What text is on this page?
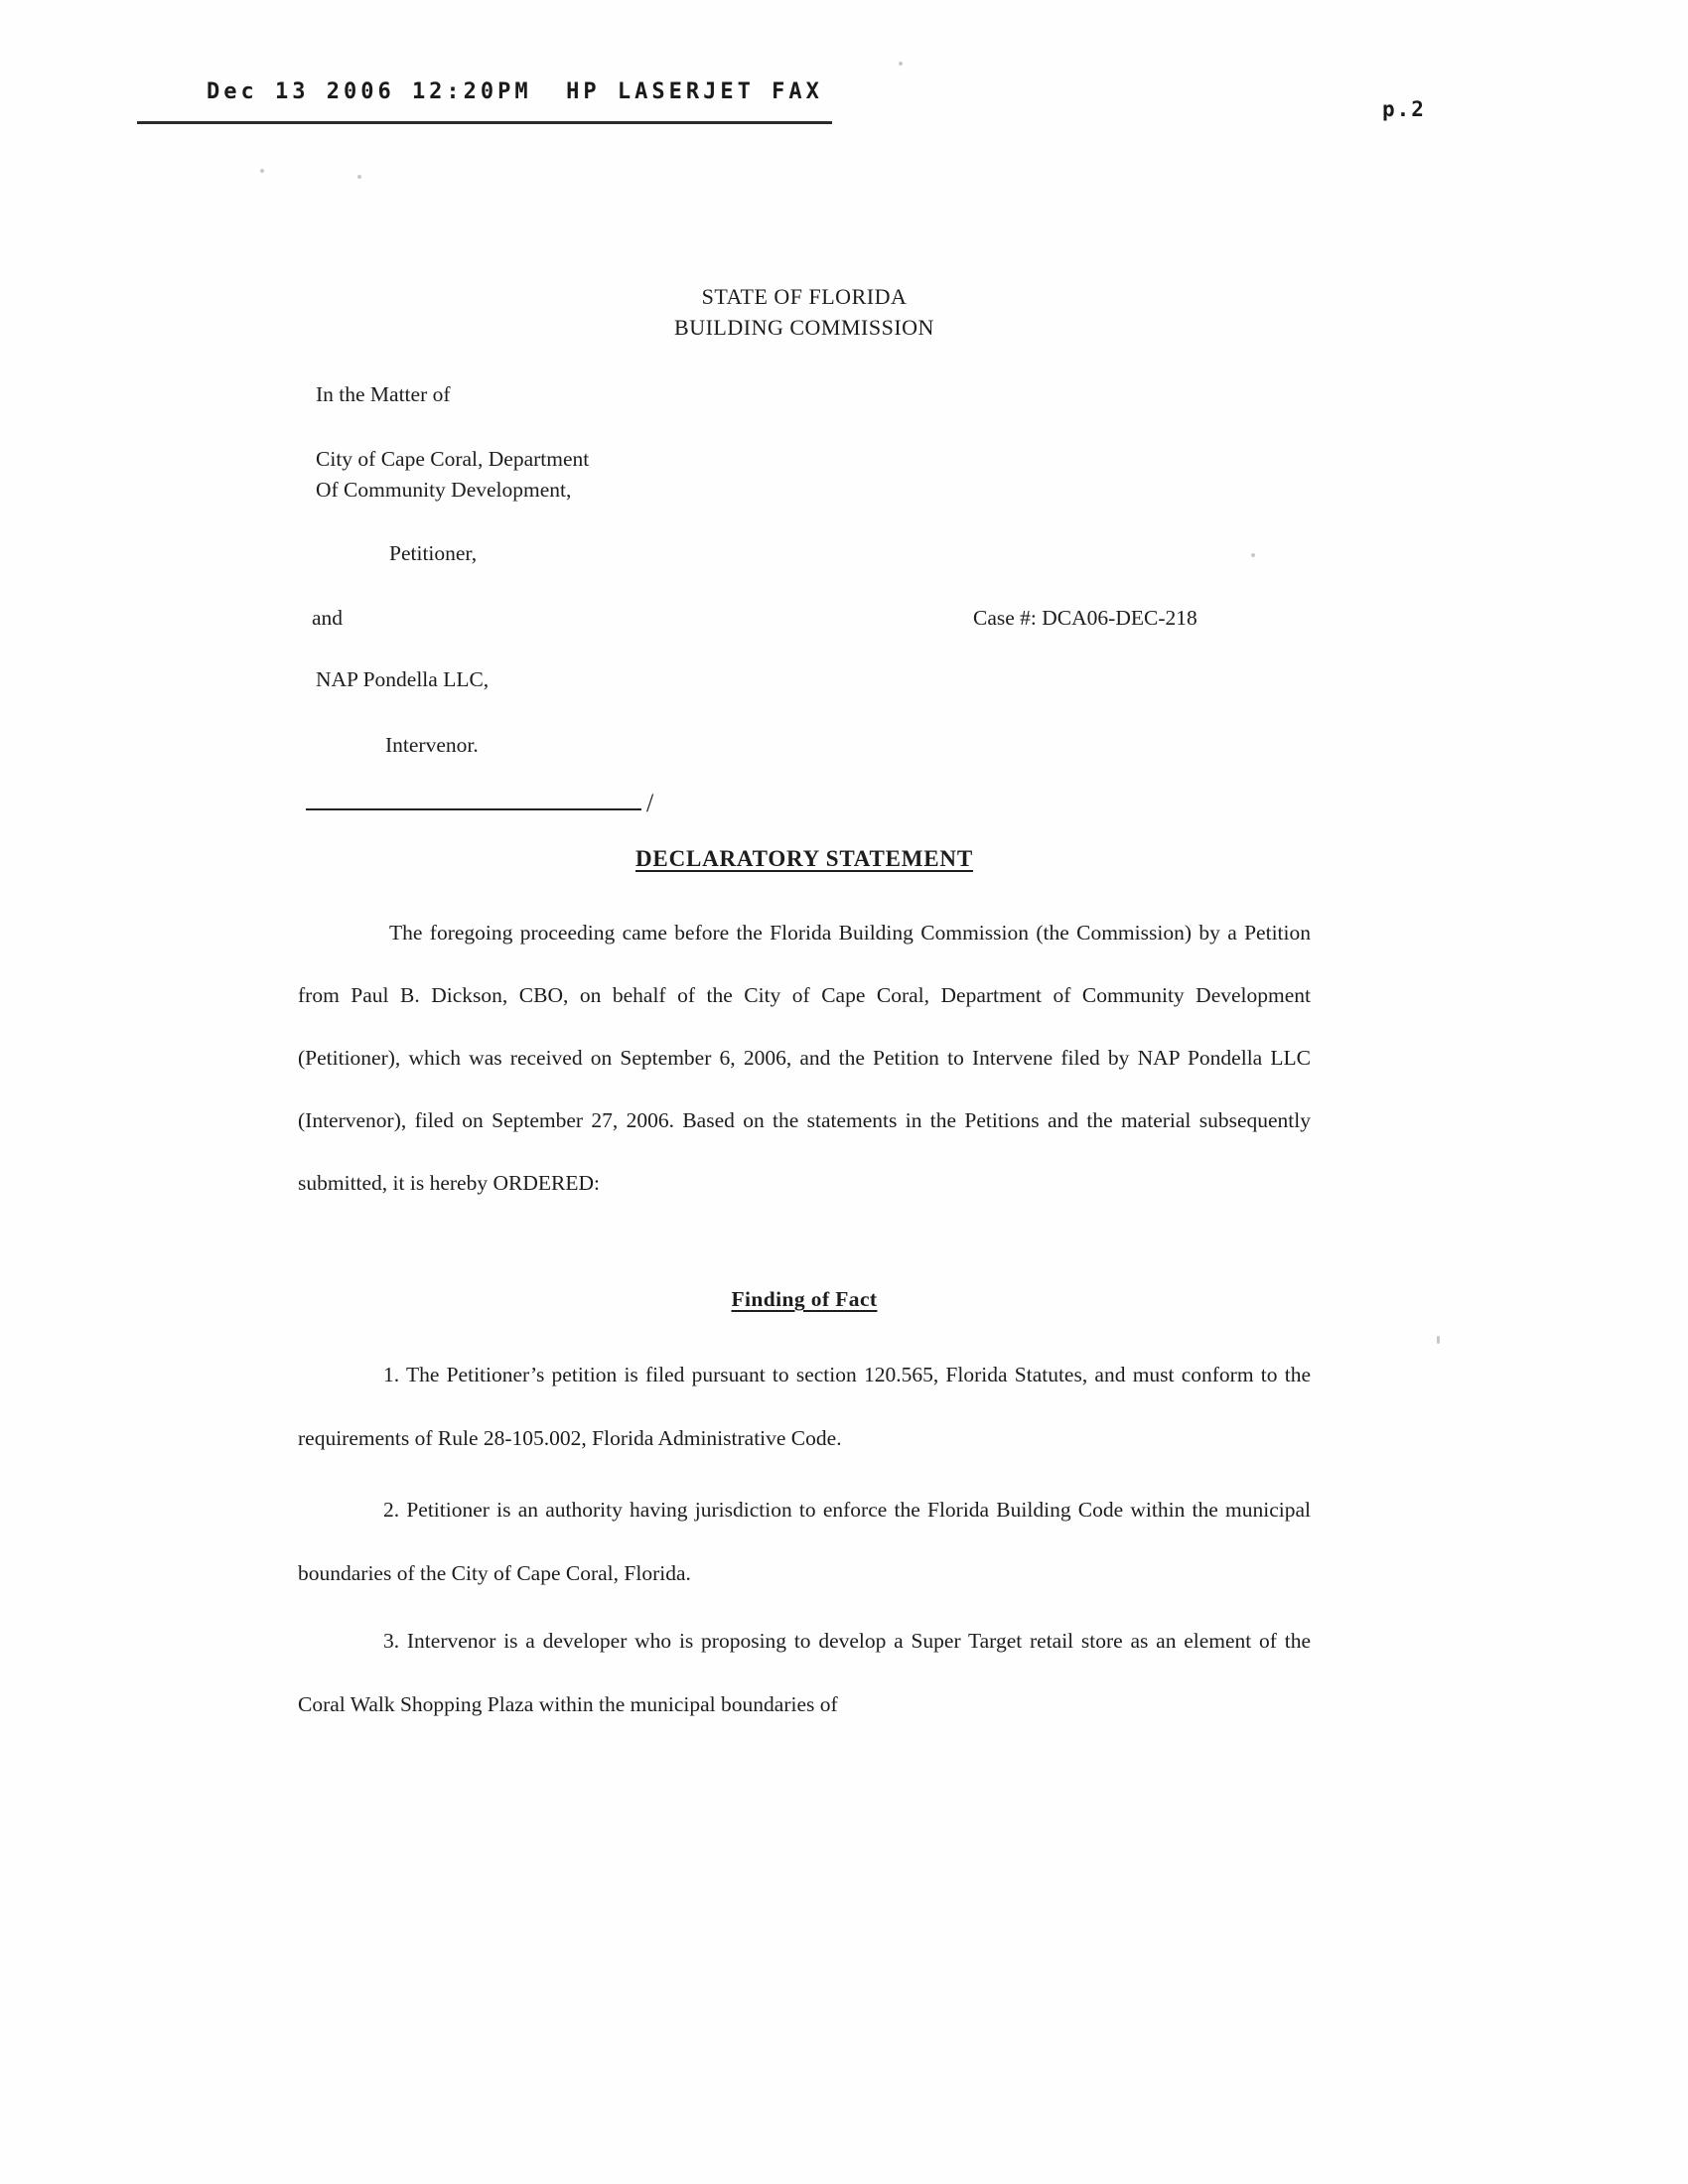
Dec 13 2006 12:20PM  HP LASERJET FAX
p.2
STATE OF FLORIDA
BUILDING COMMISSION
In the Matter of
City of Cape Coral, Department
Of Community Development,
Petitioner,
and	Case #: DCA06-DEC-218
NAP Pondella LLC,
Intervenor.
/
DECLARATORY STATEMENT
The foregoing proceeding came before the Florida Building Commission (the Commission) by a Petition from Paul B. Dickson, CBO, on behalf of the City of Cape Coral, Department of Community Development (Petitioner), which was received on September 6, 2006, and the Petition to Intervene filed by NAP Pondella LLC (Intervenor), filed on September 27, 2006. Based on the statements in the Petitions and the material subsequently submitted, it is hereby ORDERED:
Finding of Fact
1. The Petitioner’s petition is filed pursuant to section 120.565, Florida Statutes, and must conform to the requirements of Rule 28-105.002, Florida Administrative Code.
2. Petitioner is an authority having jurisdiction to enforce the Florida Building Code within the municipal boundaries of the City of Cape Coral, Florida.
3. Intervenor is a developer who is proposing to develop a Super Target retail store as an element of the Coral Walk Shopping Plaza within the municipal boundaries of
